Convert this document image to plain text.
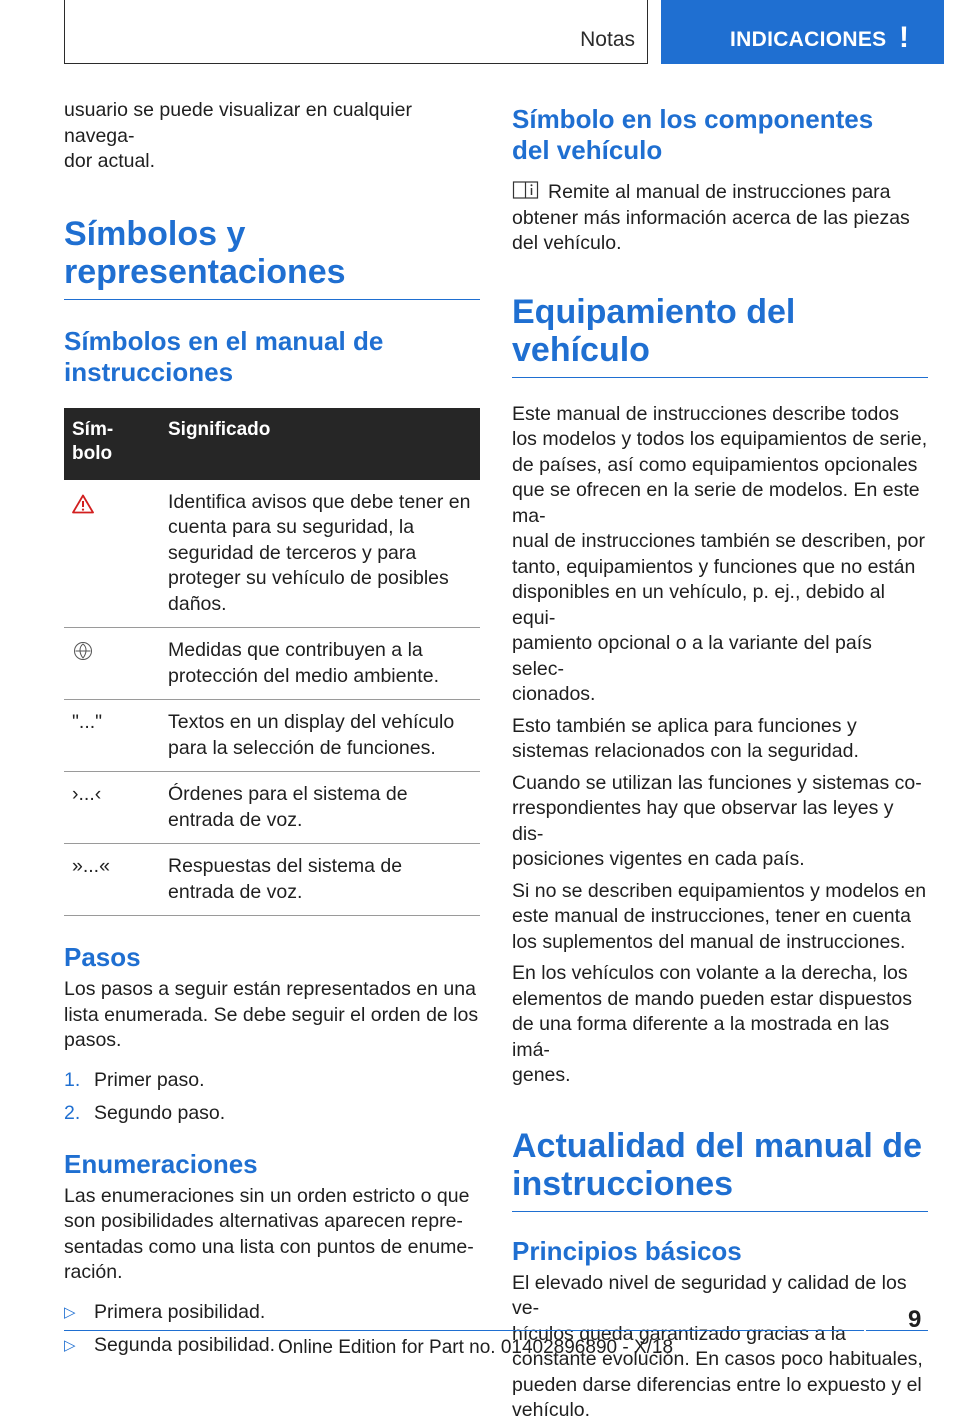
Notas	INDICACIONES !

usuario se puede visualizar en cualquier navega-
dor actual.

Símbolos y
representaciones
Símbolos en el manual de
instrucciones
Sím-
bolo	Significado
	Identifica avisos que debe tener en cuenta para su seguridad, la seguridad de terceros y para proteger su vehículo de posibles daños.
	Medidas que contribuyen a la protección del medio ambiente.
"..."	Textos en un display del vehículo para la selección de funciones.
›...‹	Órdenes para el sistema de entrada de voz.
»...«	Respuestas del sistema de entrada de voz.
Pasos

Los pasos a seguir están representados en una lista enumerada. Se debe seguir el orden de los pasos.

1. Primer paso.
2. Segundo paso.
Enumeraciones

Las enumeraciones sin un orden estricto o que son posibilidades alternativas aparecen repre-
sentadas como una lista con puntos de enume-
ración.

▷ Primera posibilidad.
▷ Segunda posibilidad.
Símbolo en los componentes
del vehículo

Remite al manual de instrucciones para obtener más información acerca de las piezas del vehículo.

Equipamiento del vehículo

Este manual de instrucciones describe todos los modelos y todos los equipamientos de serie, de países, así como equipamientos opcionales que se ofrecen en la serie de modelos. En este ma-
nual de instrucciones también se describen, por tanto, equipamientos y funciones que no están disponibles en un vehículo, p. ej., debido al equi-
pamiento opcional o a la variante del país selec-
cionados.

Esto también se aplica para funciones y sistemas relacionados con la seguridad.

Cuando se utilizan las funciones y sistemas co-
rrespondientes hay que observar las leyes y dis-
posiciones vigentes en cada país.

Si no se describen equipamientos y modelos en este manual de instrucciones, tener en cuenta los suplementos del manual de instrucciones.

En los vehículos con volante a la derecha, los elementos de mando pueden estar dispuestos de una forma diferente a la mostrada en las imá-
genes.

Actualidad del manual de
instrucciones
Principios básicos

El elevado nivel de seguridad y calidad de los ve-
hículos queda garantizado gracias a la constante evolución. En casos poco habituales, pueden darse diferencias entre lo expuesto y el vehículo.

9
Online Edition for Part no. 01402896890 - X/18
